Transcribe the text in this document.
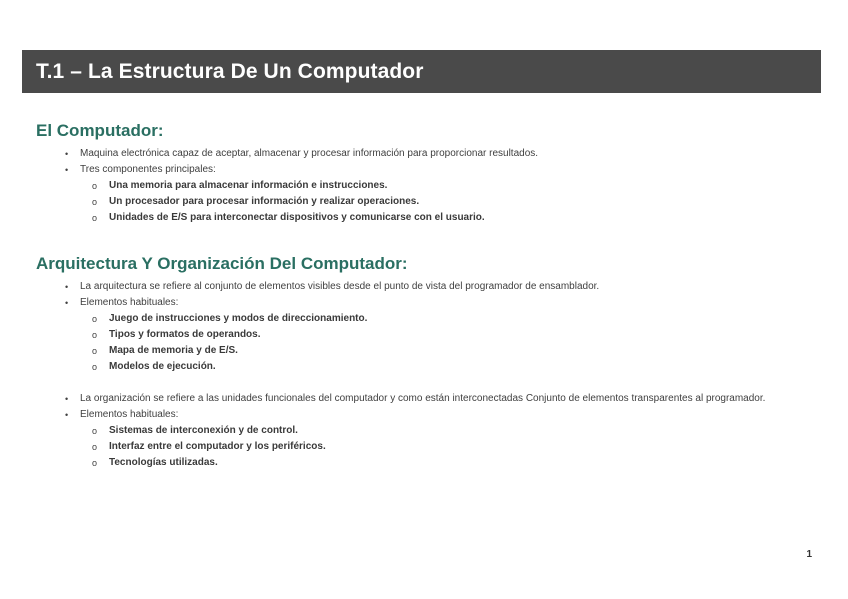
T.1 – La Estructura De Un Computador
El Computador:
• Maquina electrónica capaz de aceptar, almacenar y procesar información para proporcionar resultados.
• Tres componentes principales:
o Una memoria para almacenar información e instrucciones.
o Un procesador para procesar información y realizar operaciones.
o Unidades de E/S para interconectar dispositivos y comunicarse con el usuario.
Arquitectura Y Organización Del Computador:
• La arquitectura se refiere al conjunto de elementos visibles desde el punto de vista del programador de ensamblador.
• Elementos habituales:
o Juego de instrucciones y modos de direccionamiento.
o Tipos y formatos de operandos.
o Mapa de memoria y de E/S.
o Modelos de ejecución.
• La organización se refiere a las unidades funcionales del computador y como están interconectadas Conjunto de elementos transparentes al programador.
• Elementos habituales:
o Sistemas de interconexión y de control.
o Interfaz entre el computador y los periféricos.
o Tecnologías utilizadas.
1
